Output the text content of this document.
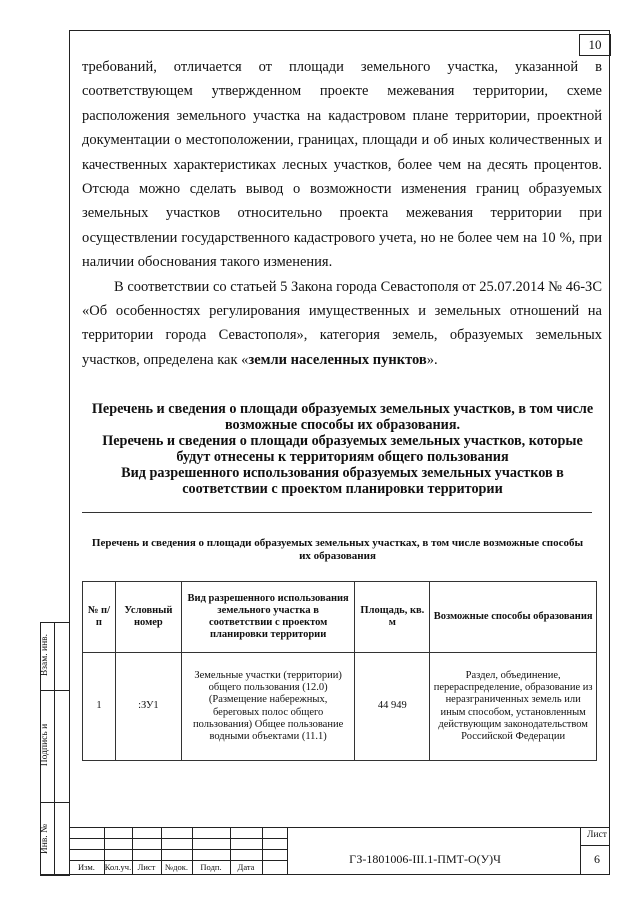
10

требований, отличается от площади земельного участка, указанной в соответствующем утвержденном проекте межевания территории, схеме расположения земельного участка на кадастровом плане территории, проектной документации о местоположении, границах, площади и об иных количественных и качественных характеристиках лесных участков, более чем на десять процентов. Отсюда можно сделать вывод о возможности изменения границ образуемых земельных участков относительно проекта межевания территории при осуществлении государственного кадастрового учета, но не более чем на 10 %, при наличии обоснования такого изменения.

В соответствии со статьей 5 Закона города Севастополя от 25.07.2014 № 46-ЗС «Об особенностях регулирования имущественных и земельных отношений на территории города Севастополя», категория земель, образуемых земельных участков, определена как «земли населенных пунктов».

Перечень и сведения о площади образуемых земельных участков, в том числе возможные способы их образования.
Перечень и сведения о площади образуемых земельных участков, которые будут отнесены к территориям общего пользования
Вид разрешенного использования образуемых земельных участков в соответствии с проектом планировки территории
Перечень и сведения о площади образуемых земельных участках, в том числе возможные способы их образования
№ п/п	Условный номер	Вид разрешенного использования земельного участка в соответствии с проектом планировки территории	Площадь, кв. м	Возможные способы образования
1	:ЗУ1	Земельные участки (территории) общего пользования (12.0) (Размещение набережных, береговых полос общего пользования) Общее пользование водными объектами (11.1)	44 949	Раздел, объединение, перераспределение, образование из неразграниченных земель или иным способом, установленным действующим законодательством Российской Федерации
Взам. инв.
Подпись и
Инв. №
Изм.	Кол.уч. Лист	№док.	Подп.	Дата
ГЗ-1801006-III.1-ПМТ-О(У)Ч
Лист
6
